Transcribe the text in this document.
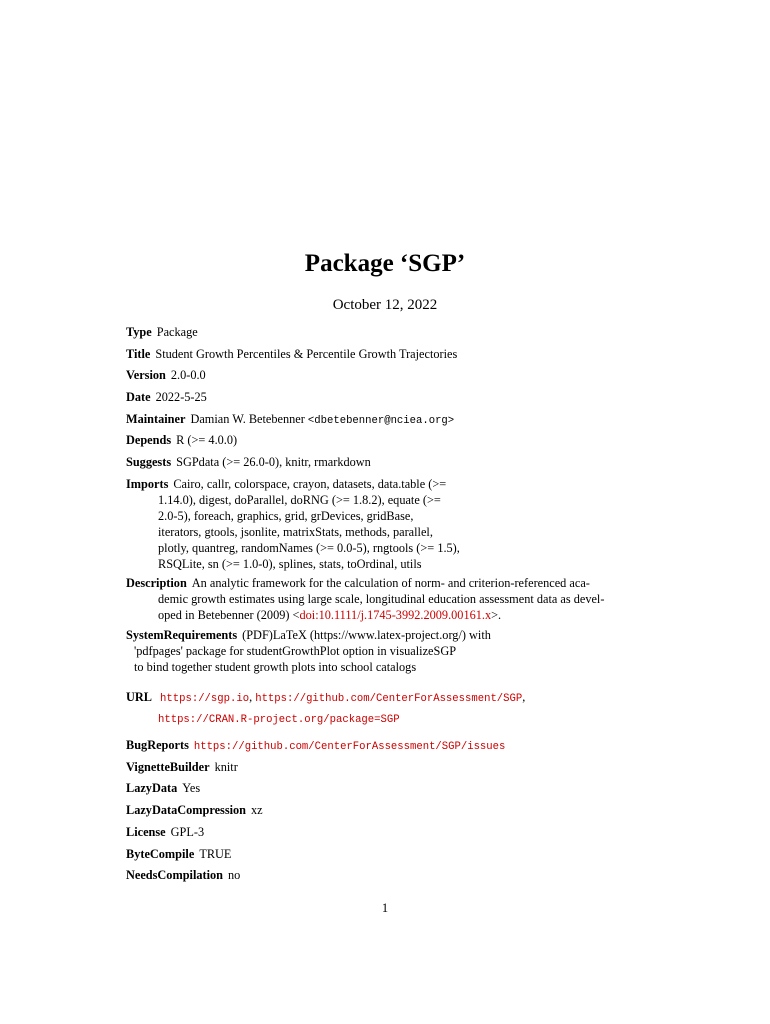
Package ‘SGP’
October 12, 2022
Type Package
Title Student Growth Percentiles & Percentile Growth Trajectories
Version 2.0-0.0
Date 2022-5-25
Maintainer Damian W. Betebenner <dbetebenner@nciea.org>
Depends R (>= 4.0.0)
Suggests SGPdata (>= 26.0-0), knitr, rmarkdown
Imports Cairo, callr, colorspace, crayon, datasets, data.table (>=
1.14.0), digest, doParallel, doRNG (>= 1.8.2), equate (>=
2.0-5), foreach, graphics, grid, grDevices, gridBase,
iterators, gtools, jsonlite, matrixStats, methods, parallel,
plotly, quantreg, randomNames (>= 0.0-5), rngtools (>= 1.5),
RSQLite, sn (>= 1.0-0), splines, stats, toOrdinal, utils
Description An analytic framework for the calculation of norm- and criterion-referenced aca-
demic growth estimates using large scale, longitudinal education assessment data as devel-
oped in Betebenner (2009) <doi:10.1111/j.1745-3992.2009.00161.x>.
SystemRequirements (PDF)LaTeX (https://www.latex-project.org/) with
'pdfpages' package for studentGrowthPlot option in visualizeSGP
to bind together student growth plots into school catalogs
URL https://sgp.io, https://github.com/CenterForAssessment/SGP,
https://CRAN.R-project.org/package=SGP
BugReports https://github.com/CenterForAssessment/SGP/issues
VignetteBuilder knitr
LazyData Yes
LazyDataCompression xz
License GPL-3
ByteCompile TRUE
NeedsCompilation no
1
